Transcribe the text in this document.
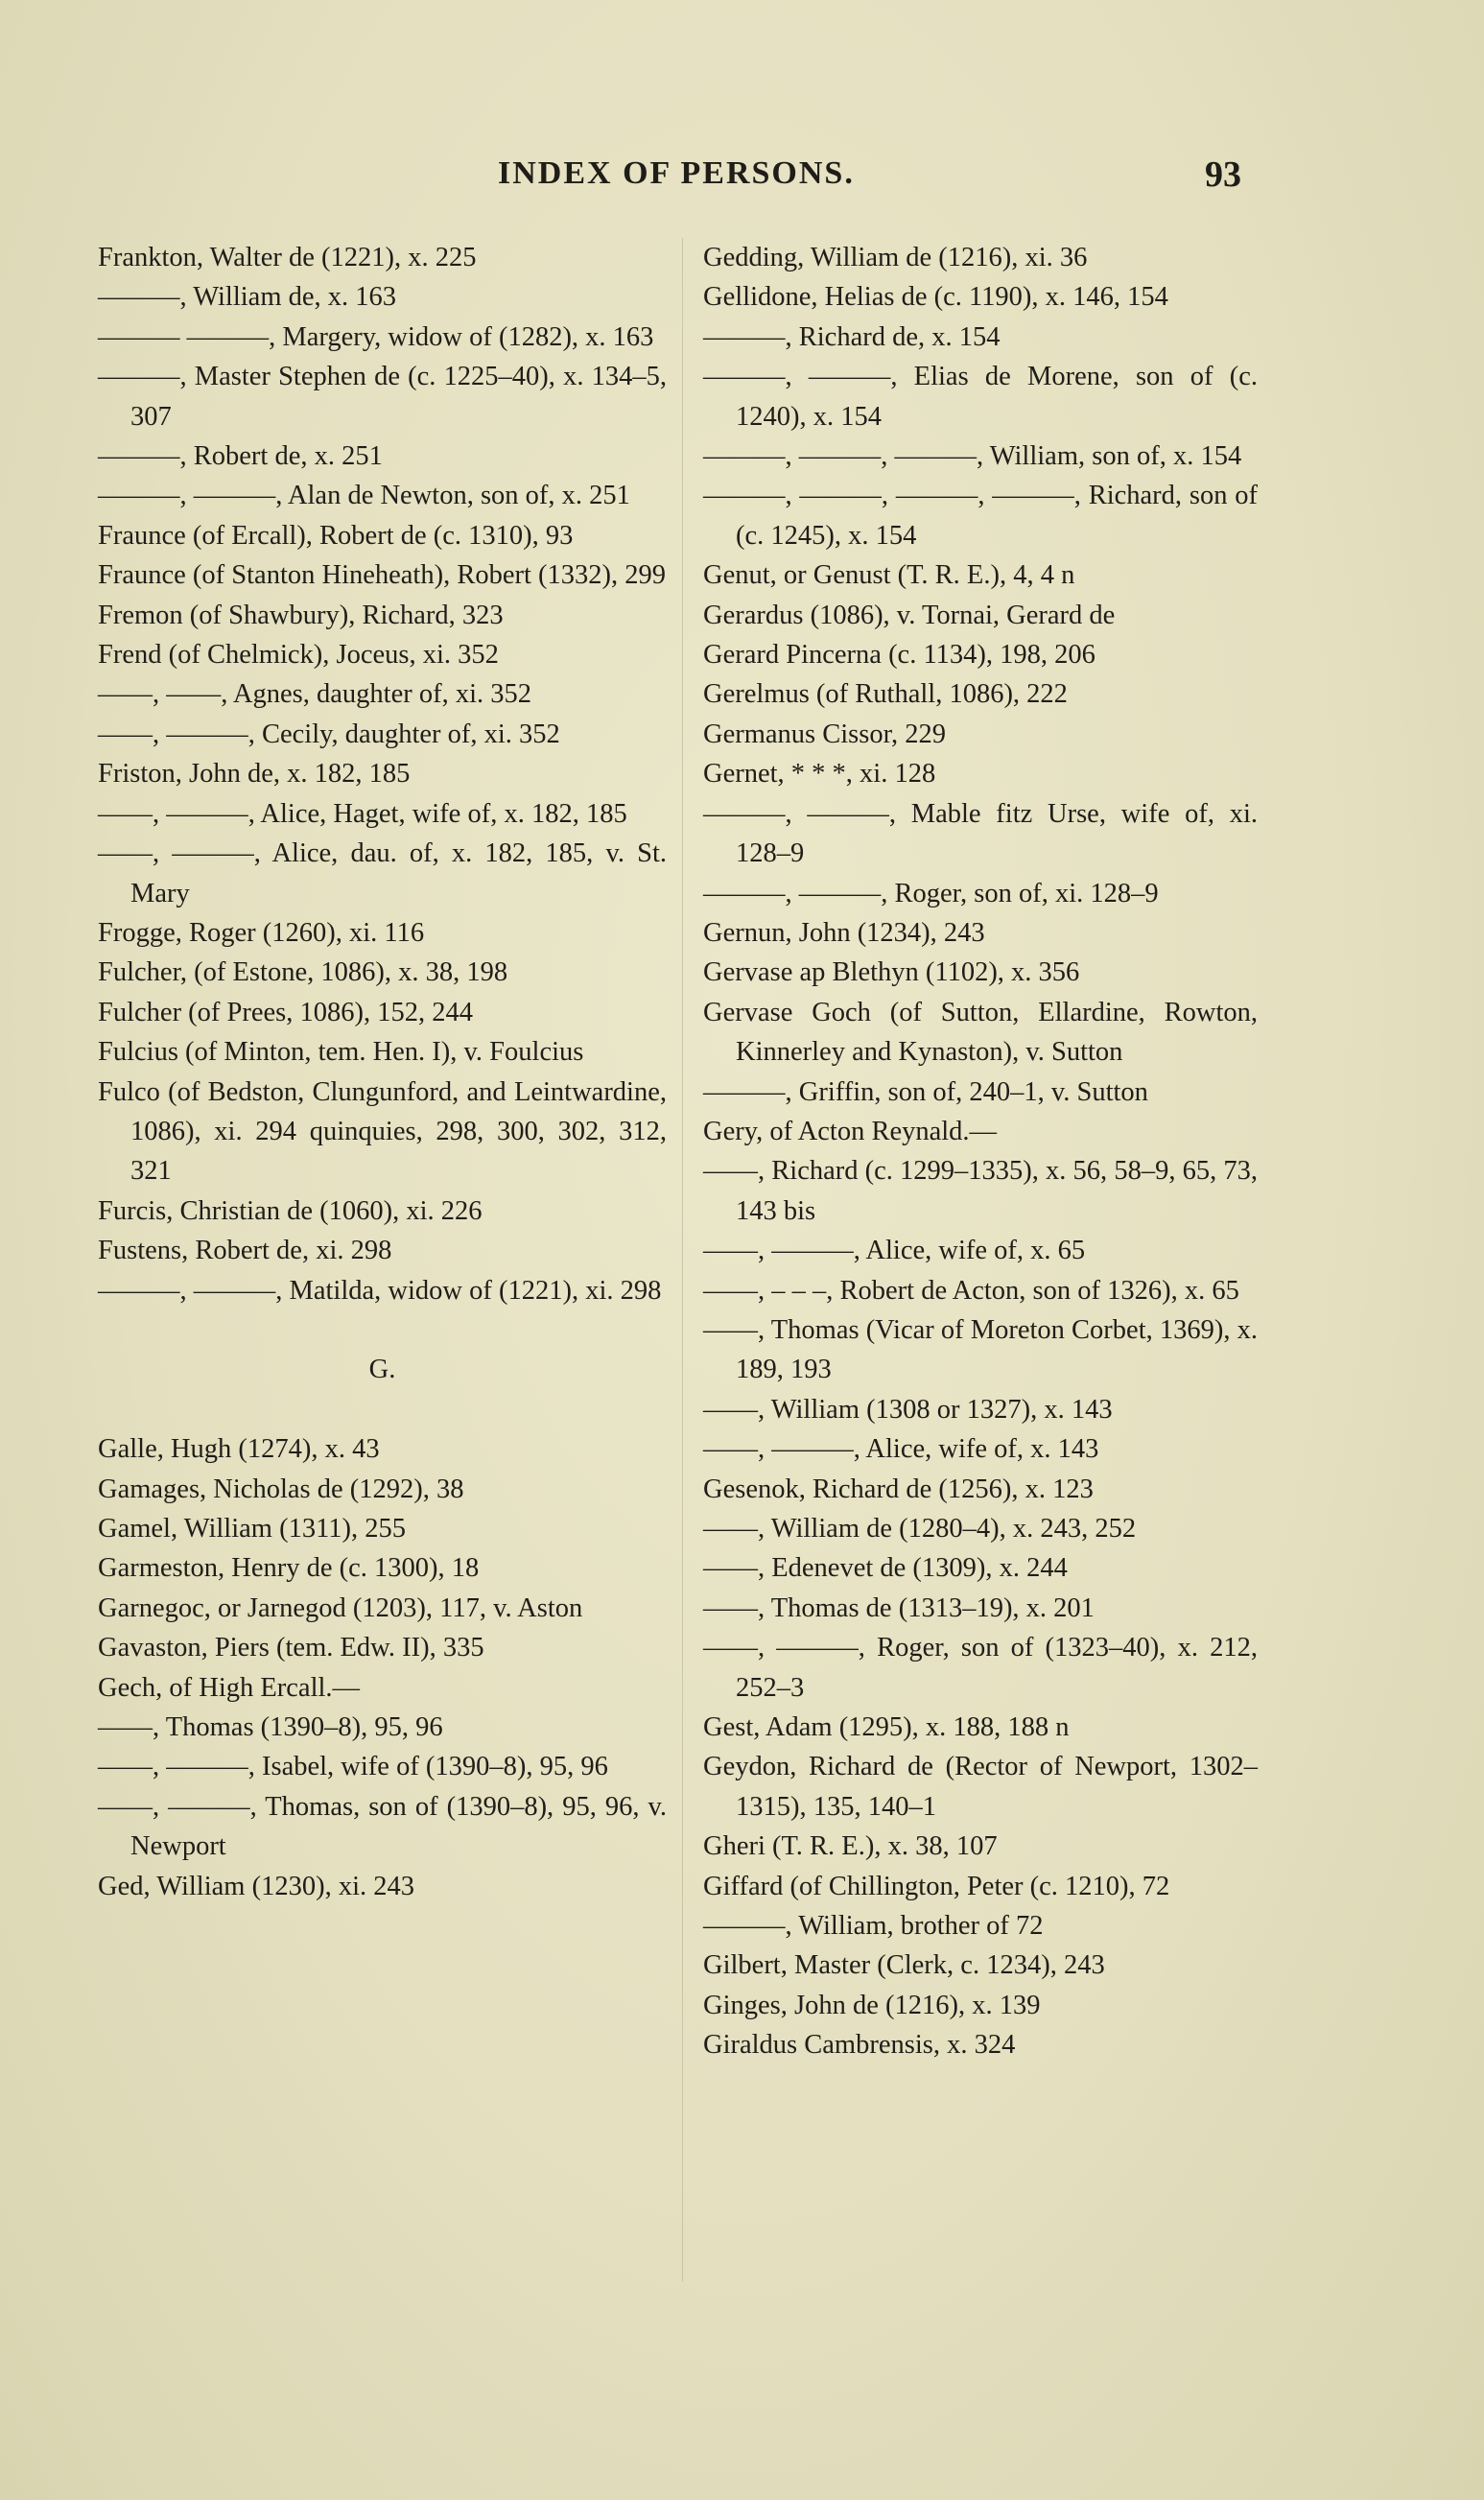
INDEX OF PERSONS.	93

Frankton, Walter de (1221), x. 225

———, William de, x. 163

——— ———, Margery, widow of (1282), x. 163

———, Master Stephen de (c. 1225–40), x. 134–5, 307

———, Robert de, x. 251

———, ———, Alan de Newton, son of, x. 251

Fraunce (of Ercall), Robert de (c. 1310), 93

Fraunce (of Stanton Hineheath), Robert (1332), 299

Fremon (of Shawbury), Richard, 323

Frend (of Chelmick), Joceus, xi. 352

——, ——, Agnes, daughter of, xi. 352

——, ———, Cecily, daughter of, xi. 352

Friston, John de, x. 182, 185

——, ———, Alice, Haget, wife of, x. 182, 185

——, ———, Alice, dau. of, x. 182, 185, v. St. Mary

Frogge, Roger (1260), xi. 116

Fulcher, (of Estone, 1086), x. 38, 198

Fulcher (of Prees, 1086), 152, 244

Fulcius (of Minton, tem. Hen. I), v. Foulcius

Fulco (of Bedston, Clungunford, and Leintwardine, 1086), xi. 294 quinquies, 298, 300, 302, 312, 321

Furcis, Christian de (1060), xi. 226

Fustens, Robert de, xi. 298

———, ———, Matilda, widow of (1221), xi. 298

G.

Galle, Hugh (1274), x. 43

Gamages, Nicholas de (1292), 38

Gamel, William (1311), 255

Garmeston, Henry de (c. 1300), 18

Garnegoc, or Jarnegod (1203), 117, v. Aston

Gavaston, Piers (tem. Edw. II), 335

Gech, of High Ercall.—

——, Thomas (1390–8), 95, 96

——, ———, Isabel, wife of (1390–8), 95, 96

——, ———, Thomas, son of (1390–8), 95, 96, v. Newport

Ged, William (1230), xi. 243

Gedding, William de (1216), xi. 36

Gellidone, Helias de (c. 1190), x. 146, 154

———, Richard de, x. 154

———, ———, Elias de Morene, son of (c. 1240), x. 154

———, ———, ———, William, son of, x. 154

———, ———, ———, ———, Richard, son of (c. 1245), x. 154

Genut, or Genust (T. R. E.), 4, 4 n

Gerardus (1086), v. Tornai, Gerard de

Gerard Pincerna (c. 1134), 198, 206

Gerelmus (of Ruthall, 1086), 222

Germanus Cissor, 229

Gernet, * * *, xi. 128

———, ———, Mable fitz Urse, wife of, xi. 128–9

———, ———, Roger, son of, xi. 128–9

Gernun, John (1234), 243

Gervase ap Blethyn (1102), x. 356

Gervase Goch (of Sutton, Ellardine, Rowton, Kinnerley and Kynaston), v. Sutton

———, Griffin, son of, 240–1, v. Sutton

Gery, of Acton Reynald.—

——, Richard (c. 1299–1335), x. 56, 58–9, 65, 73, 143 bis

——, ———, Alice, wife of, x. 65

——, – – –, Robert de Acton, son of 1326), x. 65

——, Thomas (Vicar of Moreton Corbet, 1369), x. 189, 193

——, William (1308 or 1327), x. 143

——, ———, Alice, wife of, x. 143

Gesenok, Richard de (1256), x. 123

——, William de (1280–4), x. 243, 252

——, Edenevet de (1309), x. 244

——, Thomas de (1313–19), x. 201

——, ———, Roger, son of (1323–40), x. 212, 252–3

Gest, Adam (1295), x. 188, 188 n

Geydon, Richard de (Rector of Newport, 1302–1315), 135, 140–1

Gheri (T. R. E.), x. 38, 107

Giffard (of Chillington, Peter (c. 1210), 72

———, William, brother of 72

Gilbert, Master (Clerk, c. 1234), 243

Ginges, John de (1216), x. 139

Giraldus Cambrensis, x. 324
